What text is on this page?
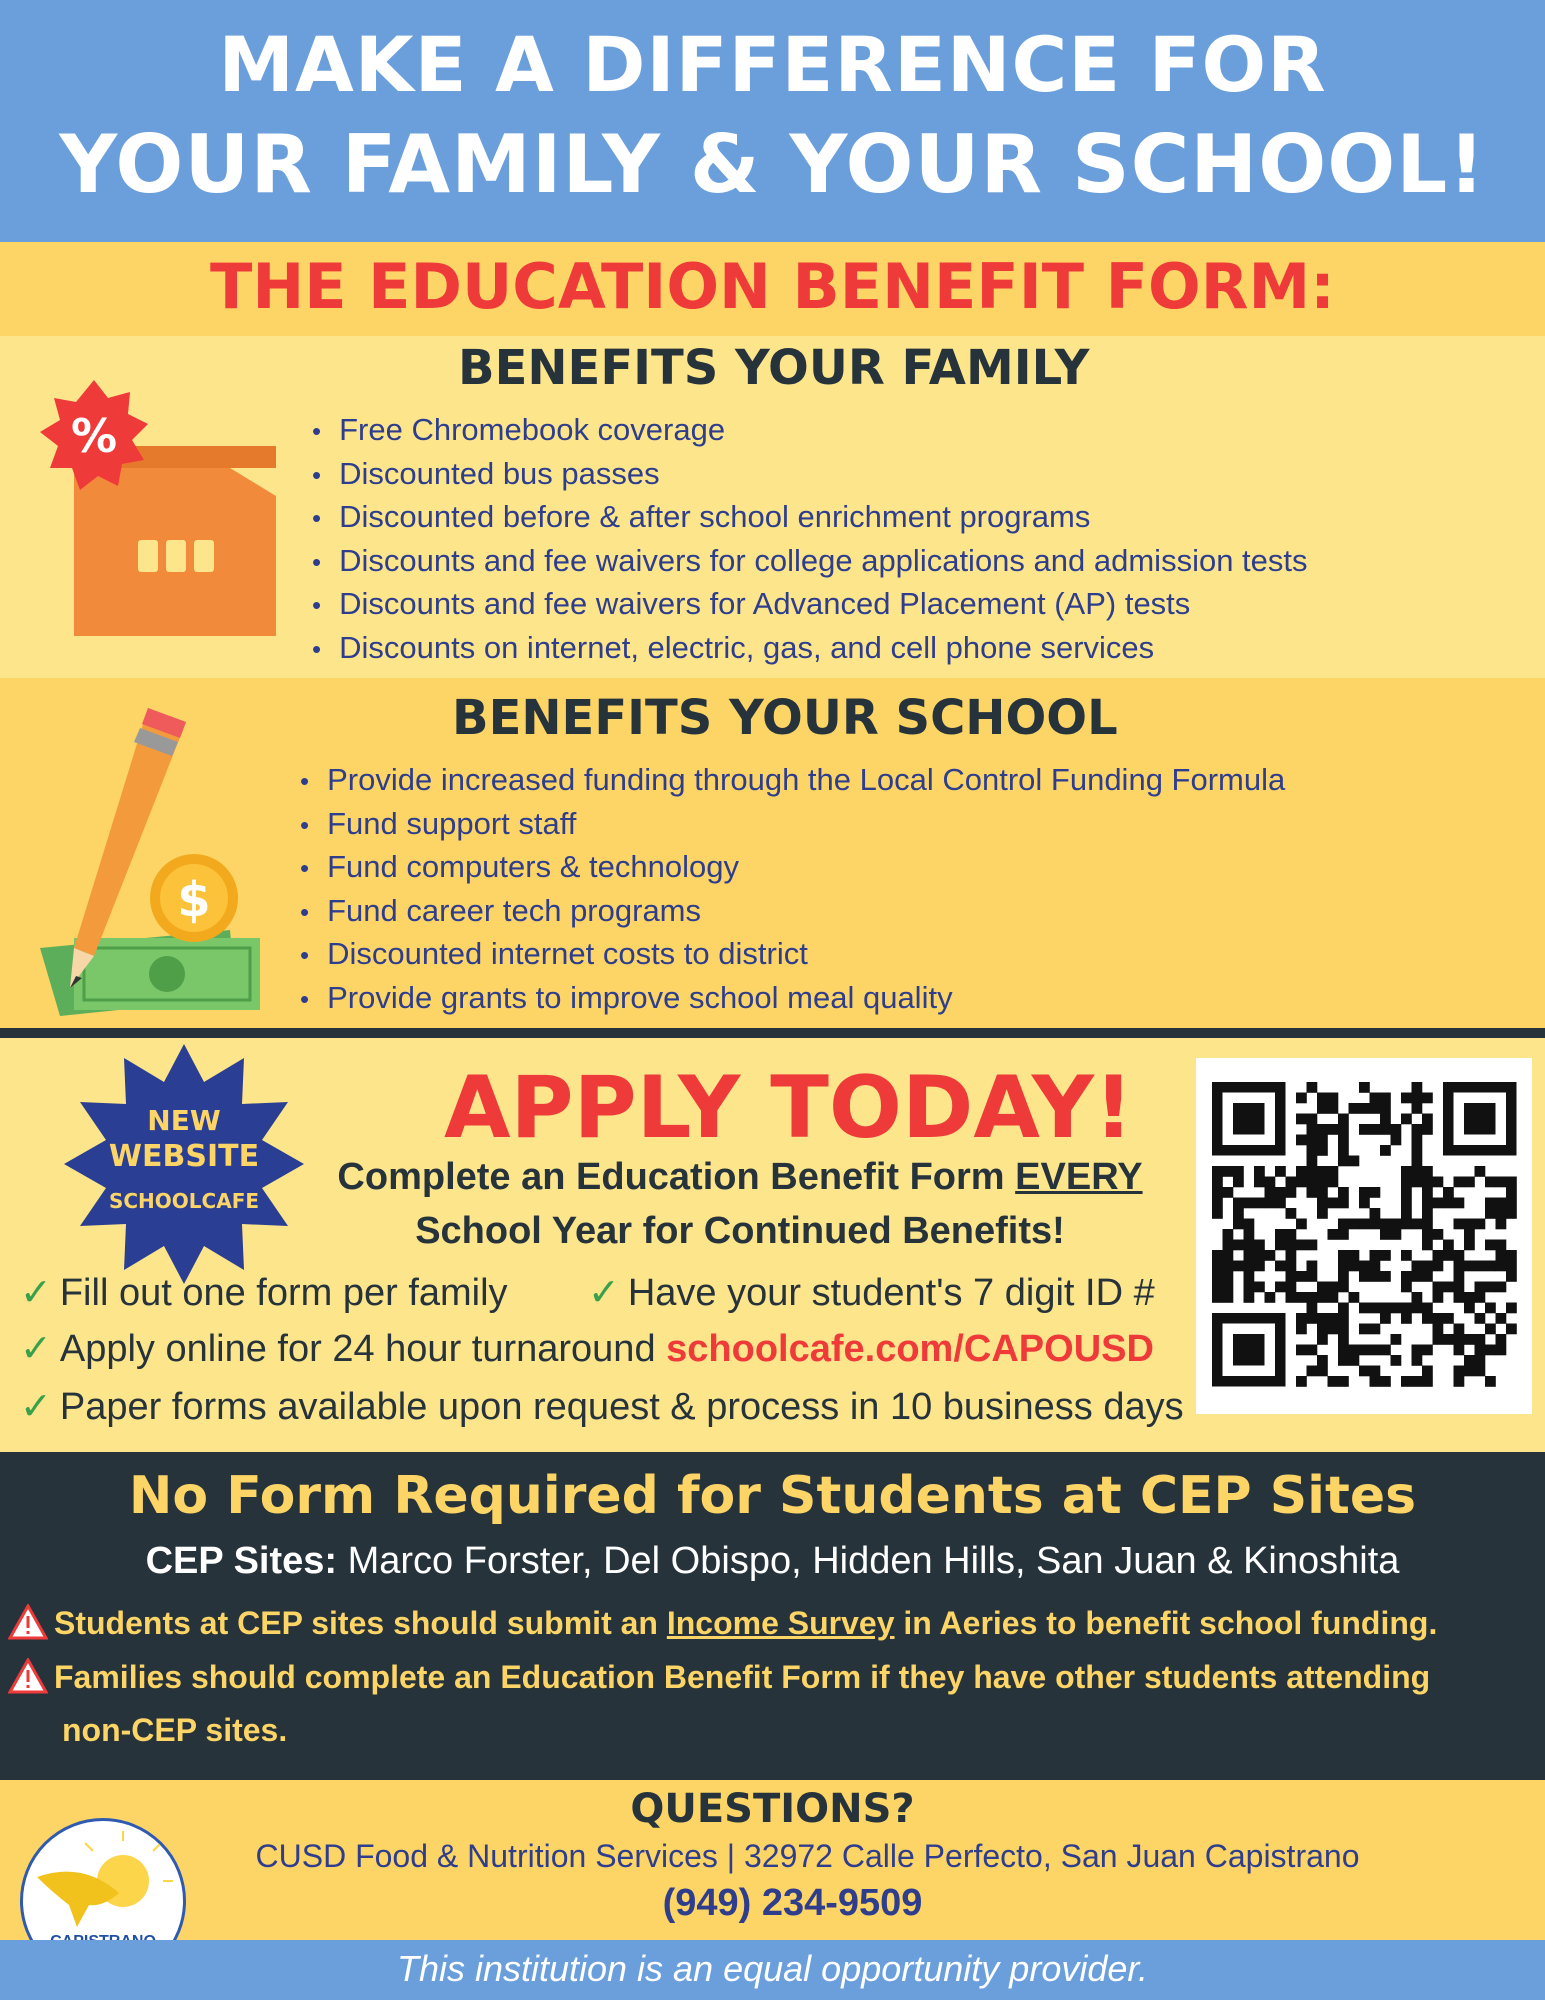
MAKE A DIFFERENCE FOR
YOUR FAMILY & YOUR SCHOOL!
THE EDUCATION BENEFIT FORM:
BENEFITS YOUR FAMILY
%
•	Free Chromebook coverage
• Discounted bus passes
• Discounted before & after school enrichment programs
• Discounts and fee waivers for college applications and admission tests
• Discounts and fee waivers for Advanced Placement (AP) tests
• Discounts on internet, electric, gas, and cell phone services
BENEFITS YOUR SCHOOL
$
• Provide increased funding through the Local Control Funding Formula
• Fund support staff
• Fund computers & technology
• Fund career tech programs
• Discounted internet costs to district
• Provide grants to improve school meal quality
NEW
WEBSITE
SCHOOLCAFE
APPLY TODAY!
Complete an Education Benefit Form EVERY
School Year for Continued Benefits!
✓ Fill out one form per family ✓ Have your student's 7 digit ID #
✓ Apply online for 24 hour turnaround schoolcafe.com/CAPOUSD
✓ Paper forms available upon request & process in 10 business days
No Form Required for Students at CEP Sites
CEP Sites: Marco Forster, Del Obispo, Hidden Hills, San Juan & Kinoshita
Students at CEP sites should submit an Income Survey in Aeries to benefit school funding.
Families should complete an Education Benefit Form if they have other students attending
non-CEP sites.
QUESTIONS?
CUSD Food & Nutrition Services | 32972 Calle Perfecto, San Juan Capistrano
(949) 234-9509
This institution is an equal opportunity provider.
